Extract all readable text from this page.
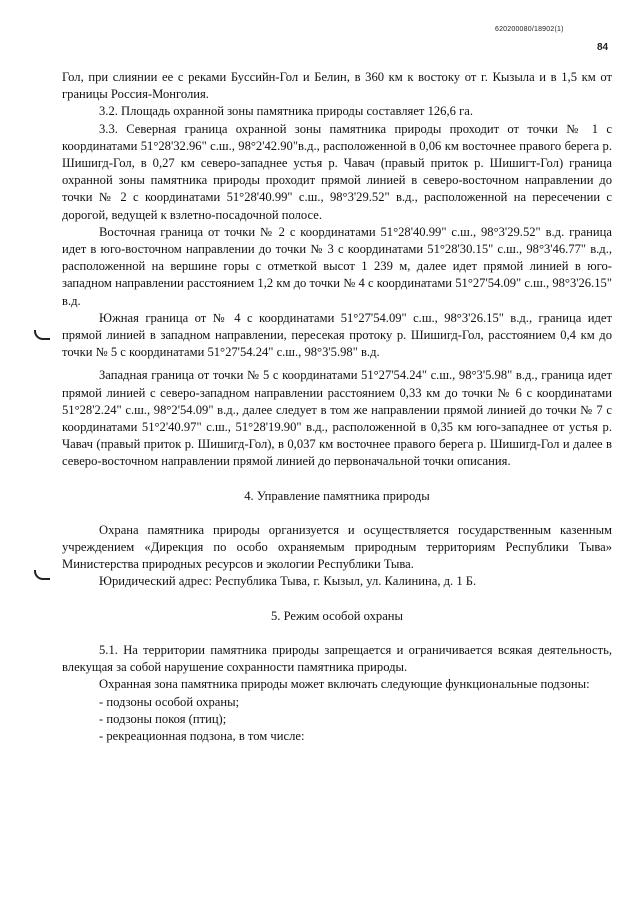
620200080/18902(1)
84

Гол, при слиянии ее с реками Буссийн-Гол и Белин, в 360 км к востоку от г. Кызыла и в 1,5 км от границы Россия-Монголия.

3.2. Площадь охранной зоны памятника природы составляет 126,6 га.

3.3. Северная граница охранной зоны памятника природы проходит от точки № 1 с координатами 51°28'32.96" с.ш., 98°2'42.90"в.д., расположенной в 0,06 км восточнее правого берега р. Шишигд-Гол, в 0,27 км северо-западнее устья р. Чавач (правый приток р. Шишигт-Гол) граница охранной зоны памятника природы проходит прямой линией в северо-восточном направлении до точки № 2 с координатами 51°28'40.99" с.ш., 98°3'29.52" в.д., расположенной на пересечении с дорогой, ведущей к взлетно-посадочной полосе.

Восточная граница от точки № 2 с координатами 51°28'40.99" с.ш., 98°3'29.52" в.д. граница идет в юго-восточном направлении до точки № 3 с координатами 51°28'30.15" с.ш., 98°3'46.77" в.д., расположенной на вершине горы с отметкой высот 1 239 м, далее идет прямой линией в юго-западном направлении расстоянием 1,2 км до точки № 4 с координатами 51°27'54.09" с.ш., 98°3'26.15" в.д.

Южная граница от № 4 с координатами 51°27'54.09" с.ш., 98°3'26.15" в.д., граница идет прямой линией в западном направлении, пересекая протоку р. Шишигд-Гол, расстоянием 0,4 км до точки № 5 с координатами 51°27'54.24" с.ш., 98°3'5.98" в.д.

Западная граница от точки № 5 с координатами 51°27'54.24" с.ш., 98°3'5.98" в.д., граница идет прямой линией с северо-западном направлении расстоянием 0,33 км до точки № 6 с координатами 51°28'2.24" с.ш., 98°2'54.09" в.д., далее следует в том же направлении прямой линией до точки № 7 с координатами 51°2'40.97" с.ш., 51°28'19.90" в.д., расположенной в 0,35 км юго-западнее от устья р. Чавач (правый приток р. Шишигд-Гол), в 0,037 км восточнее правого берега р. Шишигд-Гол и далее в северо-восточном направлении прямой линией до первоначальной точки описания.

4. Управление памятника природы

Охрана памятника природы организуется и осуществляется государственным казенным учреждением «Дирекция по особо охраняемым природным территориям Республики Тыва» Министерства природных ресурсов и экологии Республики Тыва.

Юридический адрес: Республика Тыва, г. Кызыл, ул. Калинина, д. 1 Б.

5. Режим особой охраны

5.1. На территории памятника природы запрещается и ограничивается всякая деятельность, влекущая за собой нарушение сохранности памятника природы.

Охранная зона памятника природы может включать следующие функциональные подзоны:

- подзоны особой охраны;

- подзоны покоя (птиц);

- рекреационная подзона, в том числе:
